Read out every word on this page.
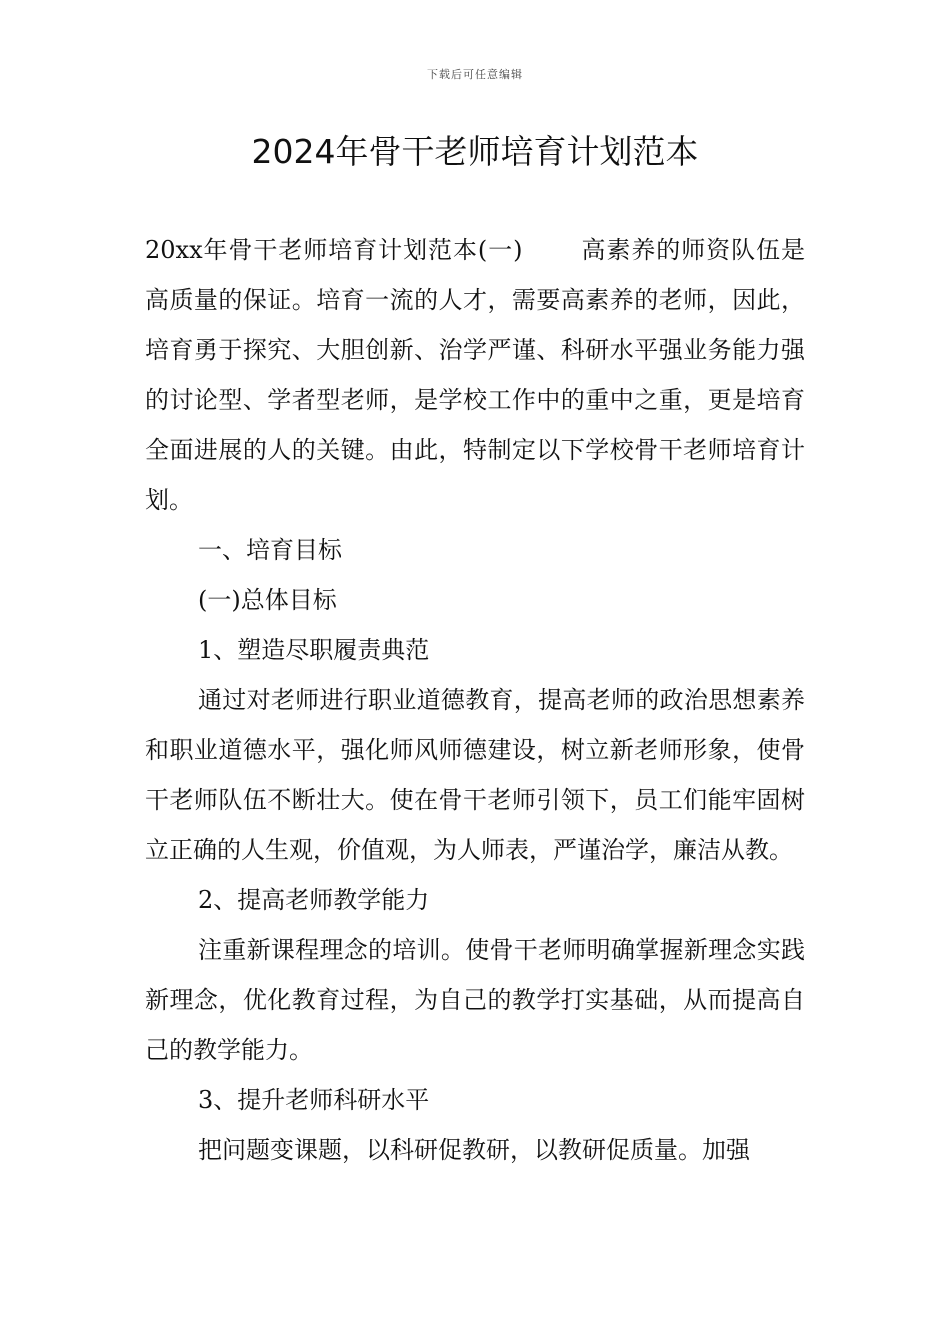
下载后可任意编辑
2024年骨干老师培育计划范本

20xx年骨干老师培育计划范本(一) 高素养的师资队伍是高质量的保证。培育一流的人才，需要高素养的老师，因此，培育勇于探究、大胆创新、治学严谨、科研水平强业务能力强的讨论型、学者型老师，是学校工作中的重中之重，更是培育全面进展的人的关键。由此，特制定以下学校骨干老师培育计划。

一、培育目标

(一)总体目标

1、塑造尽职履责典范

通过对老师进行职业道德教育，提高老师的政治思想素养和职业道德水平，强化师风师德建设，树立新老师形象，使骨干老师队伍不断壮大。使在骨干老师引领下，员工们能牢固树立正确的人生观，价值观，为人师表，严谨治学，廉洁从教。

2、提高老师教学能力

注重新课程理念的培训。使骨干老师明确掌握新理念实践新理念，优化教育过程，为自己的教学打实基础，从而提高自己的教学能力。

3、提升老师科研水平

把问题变课题，以科研促教研，以教研促质量。加强
